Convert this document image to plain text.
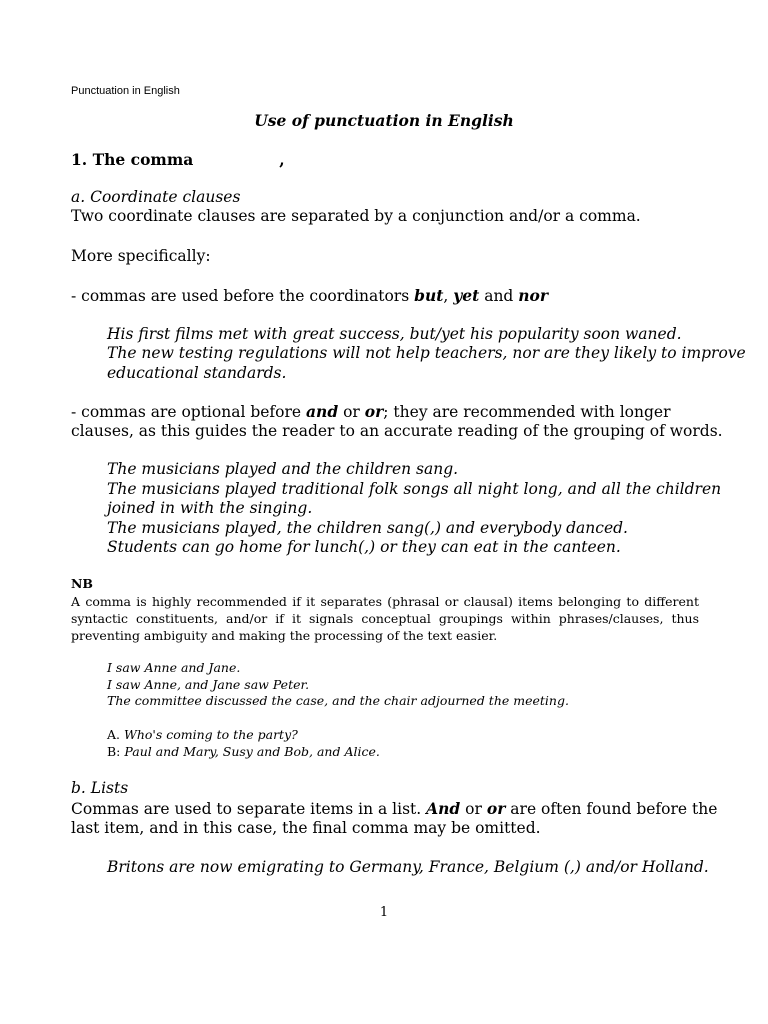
Punctuation in English
Use of punctuation in English
1. The comma	,
a. Coordinate clauses
Two coordinate clauses are separated by a conjunction and/or a comma.
More specifically:
- commas are used before the coordinators but, yet and nor
His first films met with great success, but/yet his popularity soon waned.
The new testing regulations will not help teachers, nor are they likely to improve
educational standards.
- commas are optional before and or or; they are recommended with longer
clauses, as this guides the reader to an accurate reading of the grouping of words.
The musicians played and the children sang.
The musicians played traditional folk songs all night long, and all the children
joined in with the singing.
The musicians played, the children sang(,) and everybody danced.
Students can go home for lunch(,) or they can eat in the canteen.
NB
A comma is highly recommended if it separates (phrasal or clausal) items belonging to different syntactic constituents, and/or if it signals conceptual groupings within phrases/clauses, thus preventing ambiguity and making the processing of the text easier.
I saw Anne and Jane.
I saw Anne, and Jane saw Peter.
The committee discussed the case, and the chair adjourned the meeting.
A. Who's coming to the party?
B: Paul and Mary, Susy and Bob, and Alice.
b. Lists
Commas are used to separate items in a list. And or or are often found before the
last item, and in this case, the final comma may be omitted.
Britons are now emigrating to Germany, France, Belgium (,) and/or Holland.
1
